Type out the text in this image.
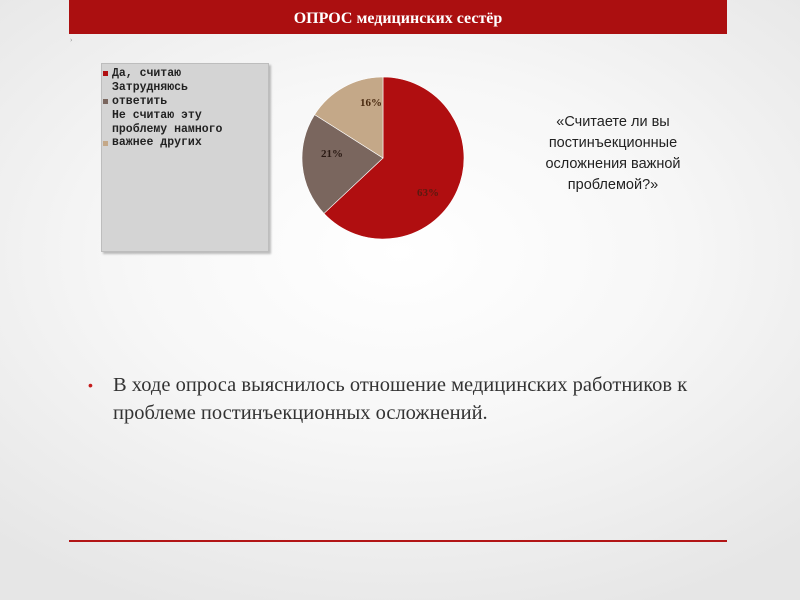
ОПРОС медицинских сестёр
›
Да, считаю
Затрудняюсь ответить
Не считаю эту проблему намного важнее других
63%
21%
16%
«Считаете ли вы постинъекционные осложнения важной проблемой?»
• В ходе опроса выяснилось отношение медицинских работников к проблеме постинъекционных осложнений.
